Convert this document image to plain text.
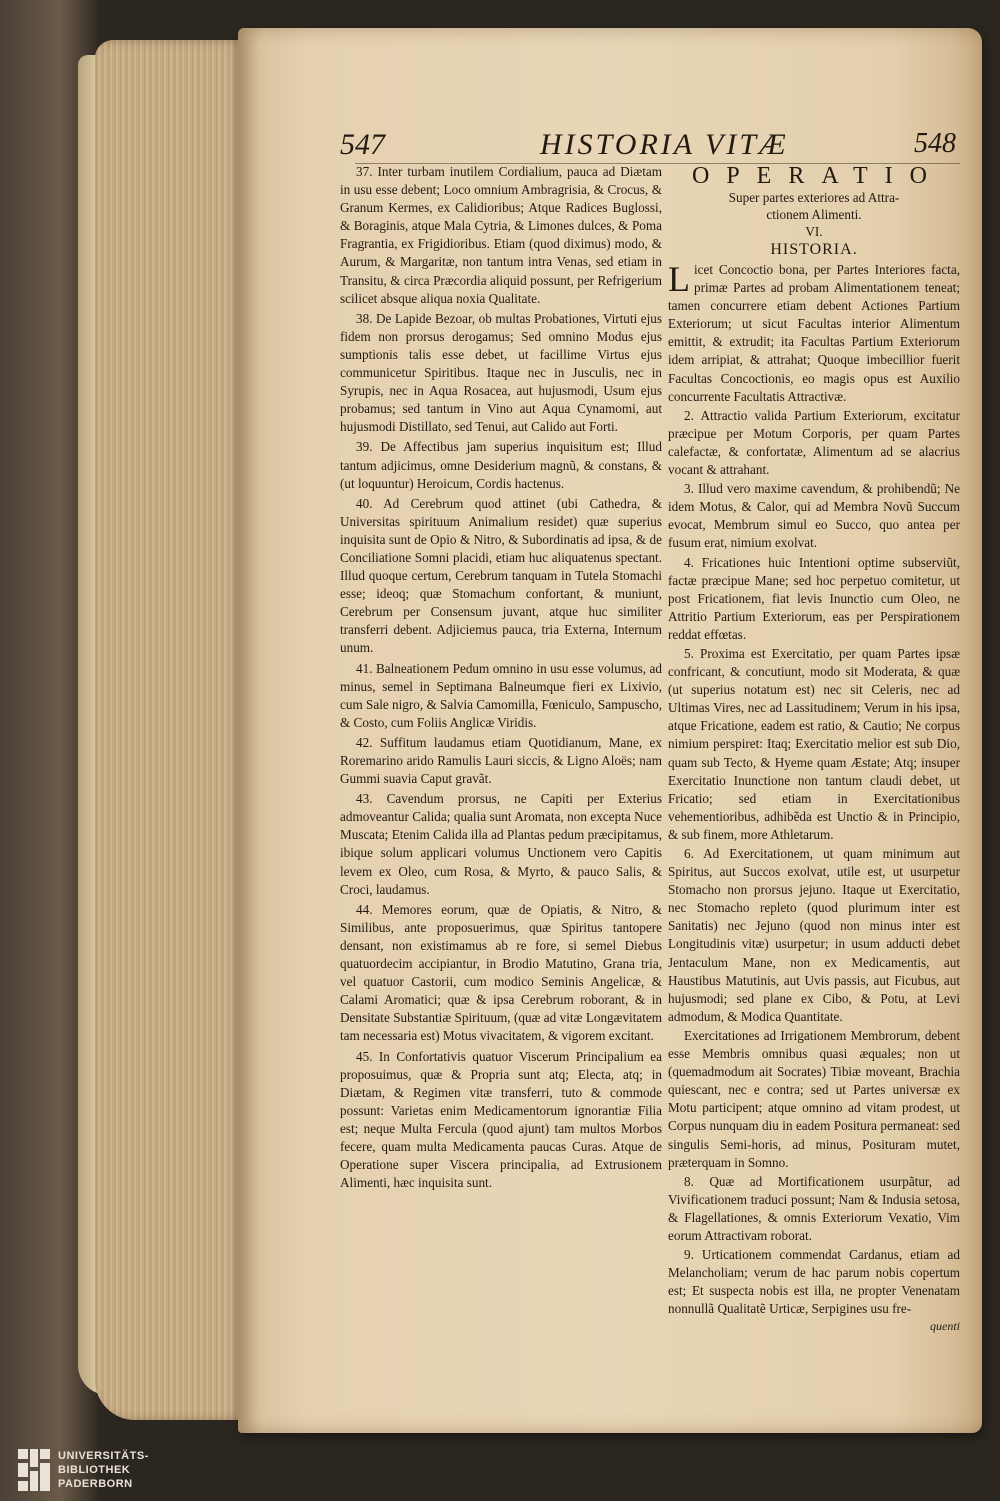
547	HISTORIA VITÆ	548

37. Inter turbam inutilem Cordialium, pauca ad Diætam in usu esse debent; Loco omnium Ambragrisia, & Crocus, & Granum Kermes, ex Calidioribus; Atque Radices Buglossi, & Boraginis, atque Mala Cytria, & Limones dulces, & Poma Fragrantia, ex Frigidioribus. Etiam (quod diximus) modo, & Aurum, & Margaritæ, non tantum intra Venas, sed etiam in Transitu, & circa Præcordia aliquid possunt, per Refrigerium scilicet absque aliqua noxia Qualitate.

38. De Lapide Bezoar, ob multas Probationes, Virtuti ejus fidem non prorsus derogamus; Sed omnino Modus ejus sumptionis talis esse debet, ut facillime Virtus ejus communicetur Spiritibus. Itaque nec in Jusculis, nec in Syrupis, nec in Aqua Rosacea, aut hujusmodi, Usum ejus probamus; sed tantum in Vino aut Aqua Cynamomi, aut hujusmodi Distillato, sed Tenui, aut Calido aut Forti.

39. De Affectibus jam superius inquisitum est; Illud tantum adjicimus, omne Desiderium magnũ, & constans, & (ut loquuntur) Heroicum, Cordis hactenus.

40. Ad Cerebrum quod attinet (ubi Cathedra, & Universitas spirituum Animalium residet) quæ superius inquisita sunt de Opio & Nitro, & Subordinatis ad ipsa, & de Conciliatione Somni placidi, etiam huc aliquatenus spectant. Illud quoque certum, Cerebrum tanquam in Tutela Stomachi esse; ideoq; quæ Stomachum confortant, & muniunt, Cerebrum per Consensum juvant, atque huc similiter transferri debent. Adjiciemus pauca, tria Externa, Internum unum.

41. Balneationem Pedum omnino in usu esse volumus, ad minus, semel in Septimana Balneumque fieri ex Lixivio, cum Sale nigro, & Salvia Camomilla, Fœniculo, Sampuscho, & Costo, cum Foliis Anglicæ Viridis.

42. Suffitum laudamus etiam Quotidianum, Mane, ex Roremarino arido Ramulis Lauri siccis, & Ligno Aloës; nam Gummi suavia Caput gravãt.

43. Cavendum prorsus, ne Capiti per Exterius admoveantur Calida; qualia sunt Aromata, non excepta Nuce Muscata; Etenim Calida illa ad Plantas pedum præcipitamus, ibique solum applicari volumus Unctionem vero Capitis levem ex Oleo, cum Rosa, & Myrto, & pauco Salis, & Croci, laudamus.

44. Memores eorum, quæ de Opiatis, & Nitro, & Similibus, ante proposuerimus, quæ Spiritus tantopere densant, non existimamus ab re fore, si semel Diebus quatuordecim accipiantur, in Brodio Matutino, Grana tria, vel quatuor Castorii, cum modico Seminis Angelicæ, & Calami Aromatici; quæ & ipsa Cerebrum roborant, & in Densitate Substantiæ Spirituum, (quæ ad vitæ Longævitatem tam necessaria est) Motus vivacitatem, & vigorem excitant.

45. In Confortativis quatuor Viscerum Principalium ea proposuimus, quæ & Propria sunt atq; Electa, atq; in Diætam, & Regimen vitæ transferri, tuto & commode possunt: Varietas enim Medicamentorum ignorantiæ Filia est; neque Multa Fercula (quod ajunt) tam multos Morbos fecere, quam multa Medicamenta paucas Curas. Atque de Operatione super Viscera principalia, ad Extrusionem Alimenti, hæc inquisita sunt.

OPERATIO
Super partes exteriores ad Attra-
ctionem Alimenti.
VI.
HISTORIA.

Licet Concoctio bona, per Partes Interiores facta, primæ Partes ad probam Alimentationem teneat; tamen concurrere etiam debent Actiones Partium Exteriorum; ut sicut Facultas interior Alimentum emittit, & extrudit; ita Facultas Partium Exteriorum idem arripiat, & attrahat; Quoque imbecillior fuerit Facultas Concoctionis, eo magis opus est Auxilio concurrente Facultatis Attractivæ.

2. Attractio valida Partium Exteriorum, excitatur præcipue per Motum Corporis, per quam Partes calefactæ, & confortatæ, Alimentum ad se alacrius vocant & attrahant.

3. Illud vero maxime cavendum, & prohibendũ; Ne idem Motus, & Calor, qui ad Membra Novũ Succum evocat, Membrum simul eo Succo, quo antea per fusum erat, nimium exolvat.

4. Fricationes huic Intentioni optime subserviũt, factæ præcipue Mane; sed hoc perpetuo comitetur, ut post Fricationem, fiat levis Inunctio cum Oleo, ne Attritio Partium Exteriorum, eas per Perspirationem reddat effœtas.

5. Proxima est Exercitatio, per quam Partes ipsæ confricant, & concutiunt, modo sit Moderata, & quæ (ut superius notatum est) nec sit Celeris, nec ad Ultimas Vires, nec ad Lassitudinem; Verum in his ipsa, atque Fricatione, eadem est ratio, & Cautio; Ne corpus nimium perspiret: Itaq; Exercitatio melior est sub Dio, quam sub Tecto, & Hyeme quam Æstate; Atq; insuper Exercitatio Inunctione non tantum claudi debet, ut Fricatio; sed etiam in Exercitationibus vehementioribus, adhibẽda est Unctio & in Principio, & sub finem, more Athletarum.

6. Ad Exercitationem, ut quam minimum aut Spiritus, aut Succos exolvat, utile est, ut usurpetur Stomacho non prorsus jejuno. Itaque ut Exercitatio, nec Stomacho repleto (quod plurimum inter est Sanitatis) nec Jejuno (quod non minus inter est Longitudinis vitæ) usurpetur; in usum adducti debet Jentaculum Mane, non ex Medicamentis, aut Haustibus Matutinis, aut Uvis passis, aut Ficubus, aut hujusmodi; sed plane ex Cibo, & Potu, at Levi admodum, & Modica Quantitate.

Exercitationes ad Irrigationem Membrorum, debent esse Membris omnibus quasi æquales; non ut (quemadmodum ait Socrates) Tibiæ moveant, Brachia quiescant, nec e contra; sed ut Partes universæ ex Motu participent; atque omnino ad vitam prodest, ut Corpus nunquam diu in eadem Positura permaneat: sed singulis Semi-horis, ad minus, Posituram mutet, præterquam in Somno.

8. Quæ ad Mortificationem usurpãtur, ad Vivificationem traduci possunt; Nam & Indusia setosa, & Flagellationes, & omnis Exteriorum Vexatio, Vim eorum Attractivam roborat.

9. Urticationem commendat Cardanus, etiam ad Melancholiam; verum de hac parum nobis copertum est; Et suspecta nobis est illa, ne propter Venenatam nonnullã Qualitatẽ Urticæ, Serpigines usu fre-

quenti
UNIVERSITÄTS-
BIBLIOTHEK
PADERBORN
